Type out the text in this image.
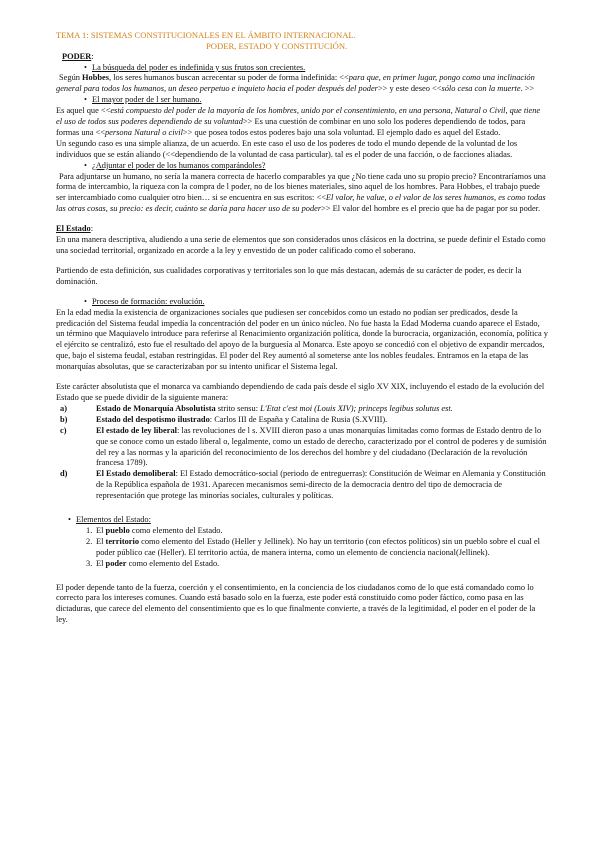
TEMA 1: SISTEMAS CONSTITUCIONALES EN EL ÁMBITO INTERNACIONAL.
PODER, ESTADO Y CONSTITUCIÓN.

PODER:

• La búsqueda del poder es indefinida y sus frutos son crecientes.

Según Hobbes, los seres humanos buscan acrecentar su poder de forma indefinida: <<para que, en primer lugar, pongo como una inclinación general para todos los humanos, un deseo perpetuo e inquieto hacia el poder después del poder>> y este deseo <<sólo cesa con la muerte. >>

• El mayor poder de l ser humano.

Es aquel que <<está compuesto del poder de la mayoría de los hombres, unido por el consentimiento, en una persona, Natural o Civil, que tiene el uso de todos sus poderes dependiendo de su voluntad>> Es una cuestión de combinar en uno solo los poderes dependiendo de todos, para formas una <<persona Natural o civil>> que posea todos estos poderes bajo una sola voluntad. El ejemplo dado es aquel del Estado.

Un segundo caso es una simple alianza, de un acuerdo. En este caso el uso de los poderes de todo el mundo depende de la voluntad de los individuos que se están aliando (<<dependiendo de la voluntad de casa particular). tal es el poder de una facción, o de facciones aliadas.

• ¿Adjuntar el poder de los humanos comparándoles?

Para adjuntarse un humano, no sería la manera correcta de hacerlo comparables ya que ¿No tiene cada uno su propio precio? Encontraríamos una forma de intercambio, la riqueza con la compra de l poder, no de los bienes materiales, sino aquel de los hombres. Para Hobbes, el trabajo puede ser intercambiado como cualquier otro bien… si se encuentra en sus escritos: <<El valor, he value, o el valor de los seres humanos, es como todas las otras cosas, su precio: es decir, cuánto se daría para hacer uso de su poder>> El valor del hombre es el precio que ha de pagar por su poder.

El Estado:

En una manera descriptiva, aludiendo a una serie de elementos que son considerados unos clásicos en la doctrina, se puede definir el Estado como una sociedad territorial, organizado en acorde a la ley y envestido de un poder calificado como el soberano.

Partiendo de esta definición, sus cualidades corporativas y territoriales son lo que más destacan, además de su carácter de poder, es decir la dominación.

• Proceso de formación: evolución.

En la edad media la existencia de organizaciones sociales que pudiesen ser concebidos como un estado no podían ser predicados, desde la predicación del Sistema feudal impedía la concentración del poder en un único núcleo. No fue hasta la Edad Moderna cuando aparece el Estado, un término que Maquiavelo introduce para referirse al Renacimiento organización política, donde la burocracia, organización, economía, política y el ejército se centralizó, esto fue el resultado del apoyo de la burguesía al Monarca. Este apoyo se concedió con el objetivo de expandir mercados, que, bajo el sistema feudal, estaban restringidas. El poder del Rey aumentó al someterse ante los nobles feudales. Entramos en la etapa de las monarquías absolutas, que se caracterizaban por su intento unificar el Sistema legal.

Este carácter absolutista que el monarca va cambiando dependiendo de cada país desde el siglo XV XIX, incluyendo el estado de la evolución del Estado que se puede dividir de la siguiente manera:

a)	Estado de Monarquía Absolutista strito sensu: L'Etat c'est moi (Louis XIV); princeps legibus solutus est.
b)	Estado del despotismo ilustrado: Carlos III de España y Catalina de Rusia (S.XVIII).
c)	El estado de ley liberal: las revoluciones de l s. XVIII dieron paso a unas monarquías limitadas como formas de Estado dentro de lo que se conoce como un estado liberal o, legalmente, como un estado de derecho, caracterizado por el control de poderes y de sumisión del rey a las normas y la aparición del reconocimiento de los derechos del hombre y del ciudadano (Declaración de la revolución francesa 1789).
d)	El Estado demoliberal: El Estado democrático-social (periodo de entreguerras): Constitución de Weimar en Alemania y Constitución de la República española de 1931. Aparecen mecanismos semi-directo de la democracia dentro del tipo de democracia de representación que protege las minorías sociales, culturales y políticas.

• Elementos del Estado:

1. El pueblo como elemento del Estado.
2. El territorio como elemento del Estado (Heller y Jellinek). No hay un territorio (con efectos políticos) sin un pueblo sobre el cual el poder público cae (Heller). El territorio actúa, de manera interna, como un elemento de conciencia nacional(Jellinek).
3. El poder como elemento del Estado.

El poder depende tanto de la fuerza, coerción y el consentimiento, en la conciencia de los ciudadanos como de lo que está comandado como lo correcto para los intereses comunes. Cuando está basado solo en la fuerza, este poder está constituido como poder fáctico, como pasa en las dictaduras, que carece del elemento del consentimiento que es lo que finalmente convierte, a través de la legitimidad, el poder en el poder de la ley.
